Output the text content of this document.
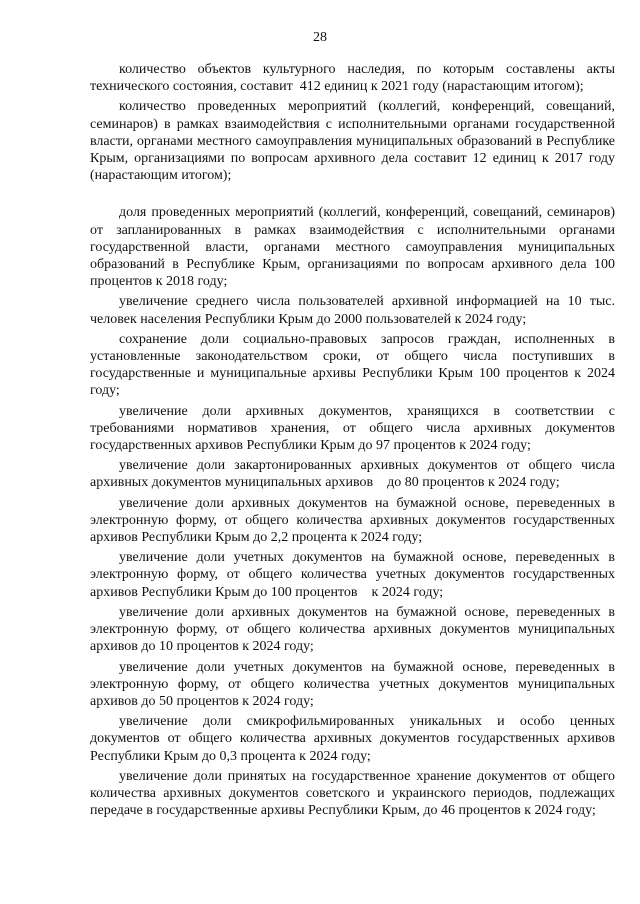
28

количество объектов культурного наследия, по которым составлены акты технического состояния, составит  412 единиц к 2021 году (нарастающим итогом);

количество проведенных мероприятий (коллегий, конференций, совещаний, семинаров) в рамках взаимодействия с исполнительными органами государственной власти, органами местного самоуправления муниципальных образований в Республике Крым, организациями по вопросам архивного дела составит 12 единиц к 2017 году (нарастающим итогом);

доля проведенных мероприятий (коллегий, конференций, совещаний, семинаров) от запланированных в рамках взаимодействия с исполнительными органами государственной власти, органами местного самоуправления муниципальных образований в Республике Крым, организациями по вопросам архивного дела 100 процентов к 2018 году;

увеличение среднего числа пользователей архивной информацией на 10 тыс. человек населения Республики Крым до 2000 пользователей к 2024 году;

сохранение доли социально-правовых запросов граждан, исполненных в установленные законодательством сроки, от общего числа поступивших в государственные и муниципальные архивы Республики Крым 100 процентов к 2024 году;

увеличение доли архивных документов, хранящихся в соответствии с требованиями нормативов хранения, от общего числа архивных документов государственных архивов Республики Крым до 97 процентов к 2024 году;

увеличение доли закартонированных архивных документов от общего числа архивных документов муниципальных архивов    до 80 процентов к 2024 году;

увеличение доли архивных документов на бумажной основе, переведенных в электронную форму, от общего количества архивных документов государственных архивов Республики Крым до 2,2 процента к 2024 году;

увеличение доли учетных документов на бумажной основе, переведенных в электронную форму, от общего количества учетных документов государственных архивов Республики Крым до 100 процентов    к 2024 году;

увеличение доли архивных документов на бумажной основе, переведенных в электронную форму, от общего количества архивных документов муниципальных архивов до 10 процентов к 2024 году;

увеличение доли учетных документов на бумажной основе, переведенных в электронную форму, от общего количества учетных документов муниципальных архивов до 50 процентов к 2024 году;

увеличение доли смикрофильмированных уникальных и особо ценных документов от общего количества архивных документов государственных архивов Республики Крым до 0,3 процента к 2024 году;

увеличение доли принятых на государственное хранение документов от общего количества архивных документов советского и украинского периодов, подлежащих передаче в государственные архивы Республики Крым, до 46 процентов к 2024 году;
